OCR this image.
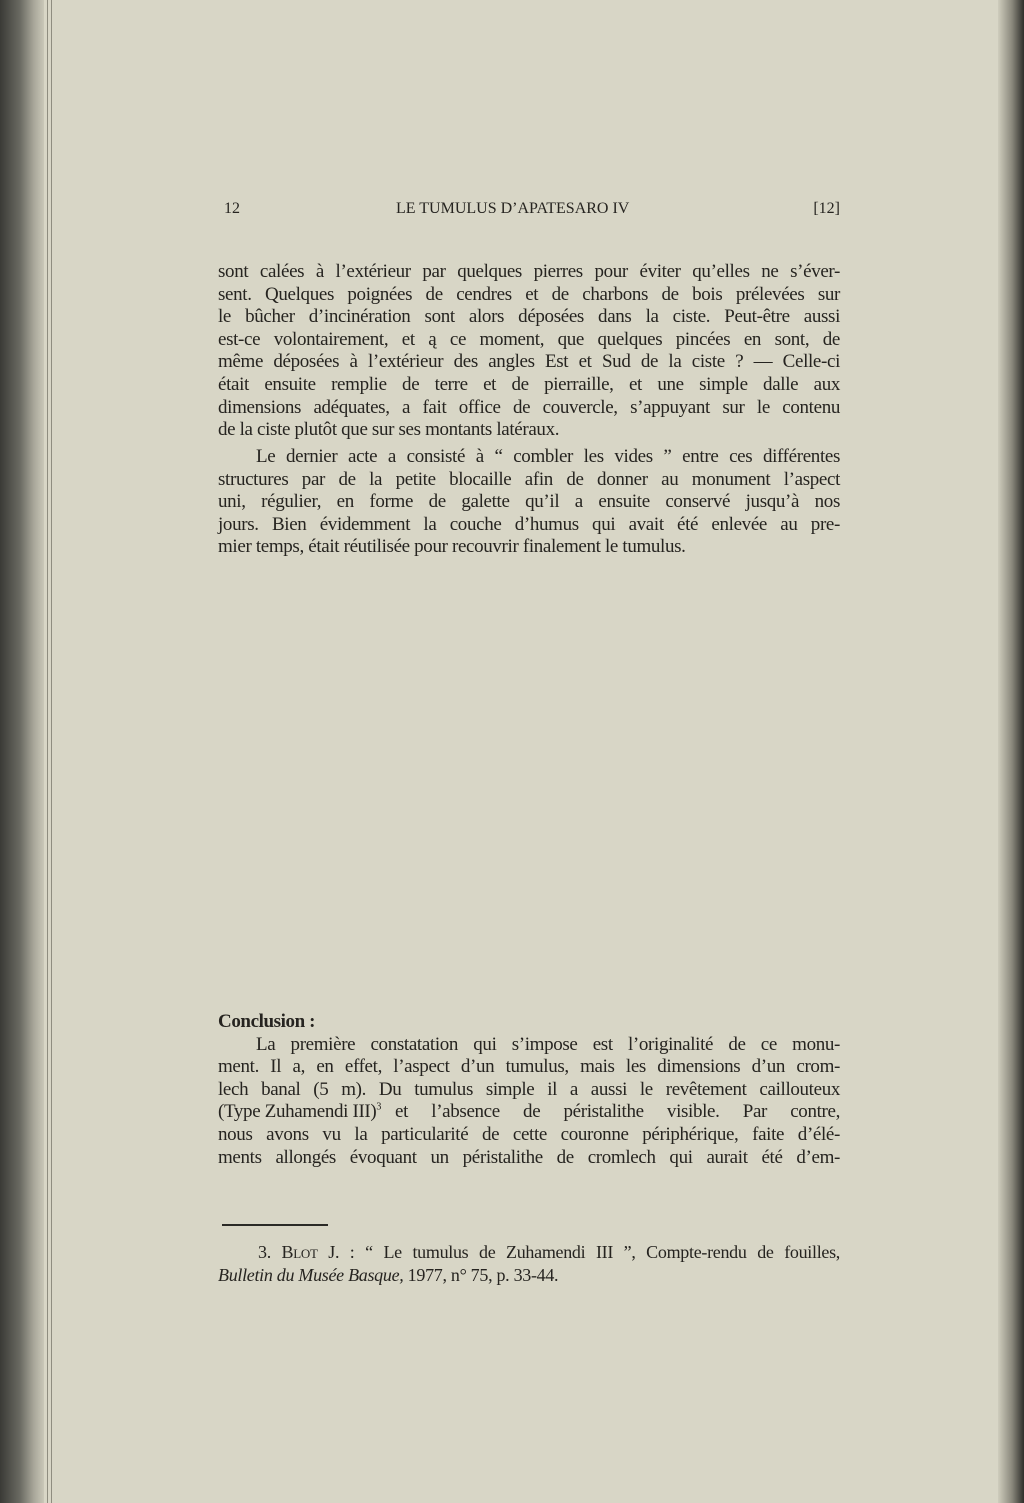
12	LE TUMULUS D’APATESARO IV	[12]
sont calées à l’extérieur par quelques pierres pour éviter qu’elles ne s’éver-
sent. Quelques poignées de cendres et de charbons de bois prélevées sur
le bûcher d’incinération sont alors déposées dans la ciste. Peut-être aussi
est-ce volontairement, et ą ce moment, que quelques pincées en sont, de
même déposées à l’extérieur des angles Est et Sud de la ciste ? — Celle-ci
était ensuite remplie de terre et de pierraille, et une simple dalle aux
dimensions adéquates, a fait office de couvercle, s’appuyant sur le contenu
de la ciste plutôt que sur ses montants latéraux.
Le dernier acte a consisté à “ combler les vides ” entre ces différentes
structures par de la petite blocaille afin de donner au monument l’aspect
uni, régulier, en forme de galette qu’il a ensuite conservé jusqu’à nos
jours. Bien évidemment la couche d’humus qui avait été enlevée au pre-
mier temps, était réutilisée pour recouvrir finalement le tumulus.
Conclusion :
La première constatation qui s’impose est l’originalité de ce monu-
ment. Il a, en effet, l’aspect d’un tumulus, mais les dimensions d’un crom-
lech banal (5 m). Du tumulus simple il a aussi le revêtement caillouteux
(Type Zuhamendi III)$^3$ et l’absence de péristalithe visible. Par contre,
nous avons vu la particularité de cette couronne périphérique, faite d’élé-
ments allongés évoquant un péristalithe de cromlech qui aurait été d’em-
3. Blot J. : “ Le tumulus de Zuhamendi III ”, Compte-rendu de fouilles,
Bulletin du Musée Basque, 1977, n° 75, p. 33-44.
